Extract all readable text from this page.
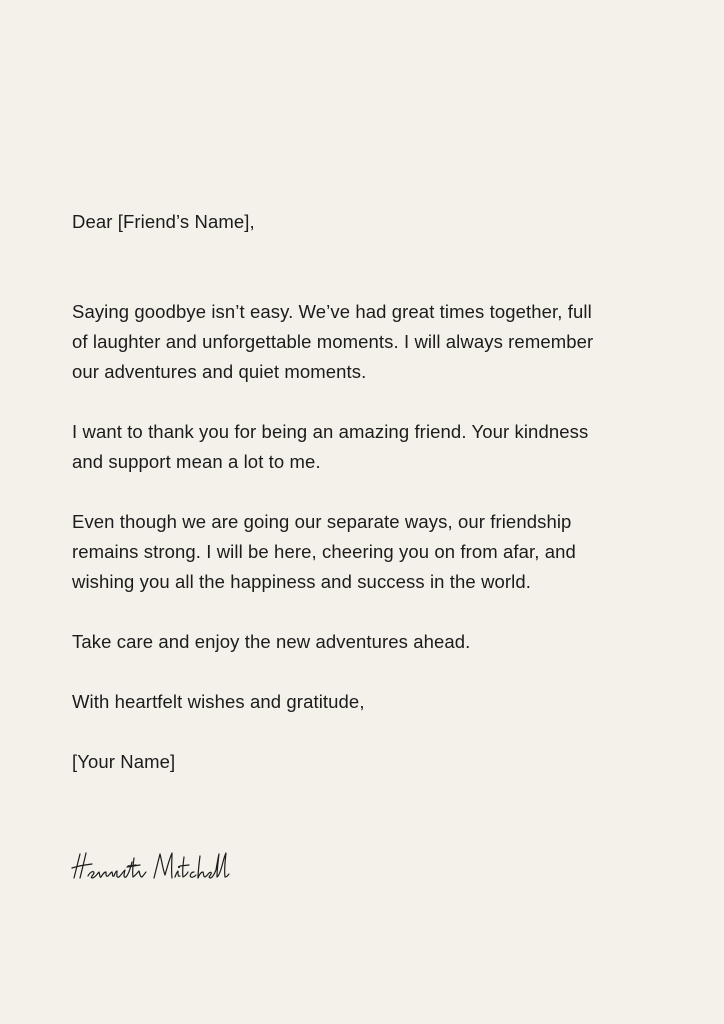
Dear [Friend’s Name],

Saying goodbye isn’t easy. We’ve had great times together, full
of laughter and unforgettable moments. I will always remember
our adventures and quiet moments.

I want to thank you for being an amazing friend. Your kindness
and support mean a lot to me.

Even though we are going our separate ways, our friendship
remains strong. I will be here, cheering you on from afar, and
wishing you all the happiness and success in the world.

Take care and enjoy the new adventures ahead.

With heartfelt wishes and gratitude,

[Your Name]
